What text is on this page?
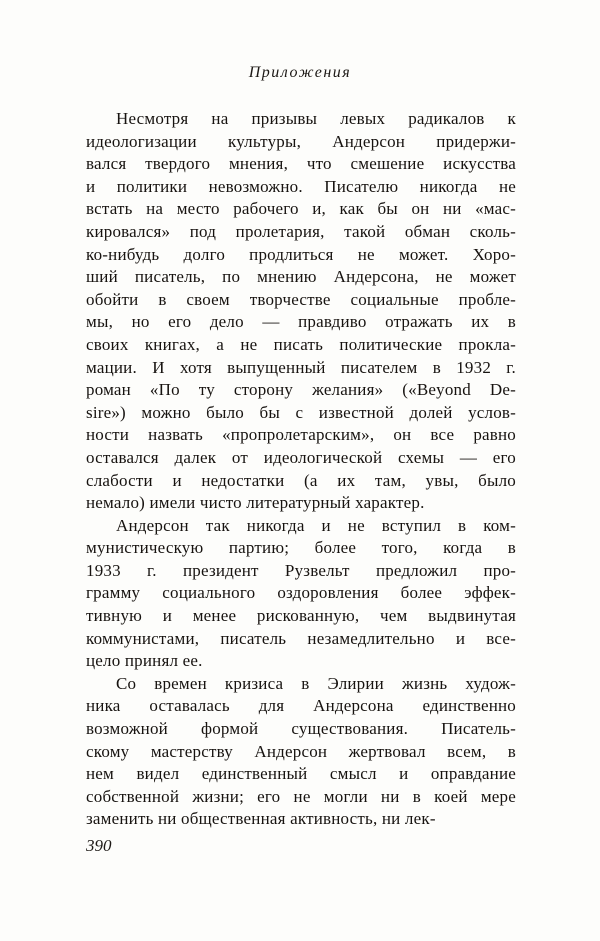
Приложения
Несмотря на призывы левых радикалов к
идеологизации культуры, Андерсон придержи-
вался твердого мнения, что смешение искусства
и политики невозможно. Писателю никогда не
встать на место рабочего и, как бы он ни «мас-
кировался» под пролетария, такой обман сколь-
ко-нибудь долго продлиться не может. Хоро-
ший писатель, по мнению Андерсона, не может
обойти в своем творчестве социальные пробле-
мы, но его дело — правдиво отражать их в
своих книгах, а не писать политические прокла-
мации. И хотя выпущенный писателем в 1932 г.
роман «По ту сторону желания» («Beyond De-
sire») можно было бы с известной долей услов-
ности назвать «пропролетарским», он все равно
оставался далек от идеологической схемы — его
слабости и недостатки (а их там, увы, было
немало) имели чисто литературный характер.
Андерсон так никогда и не вступил в ком-
мунистическую партию; более того, когда в
1933 г. президент Рузвельт предложил про-
грамму социального оздоровления более эффек-
тивную и менее рискованную, чем выдвинутая
коммунистами, писатель незамедлительно и все-
цело принял ее.
Со времен кризиса в Элирии жизнь худож-
ника оставалась для Андерсона единственно
возможной формой существования. Писатель-
скому мастерству Андерсон жертвовал всем, в
нем видел единственный смысл и оправдание
собственной жизни; его не могли ни в коей мере
заменить ни общественная активность, ни лек-
390
